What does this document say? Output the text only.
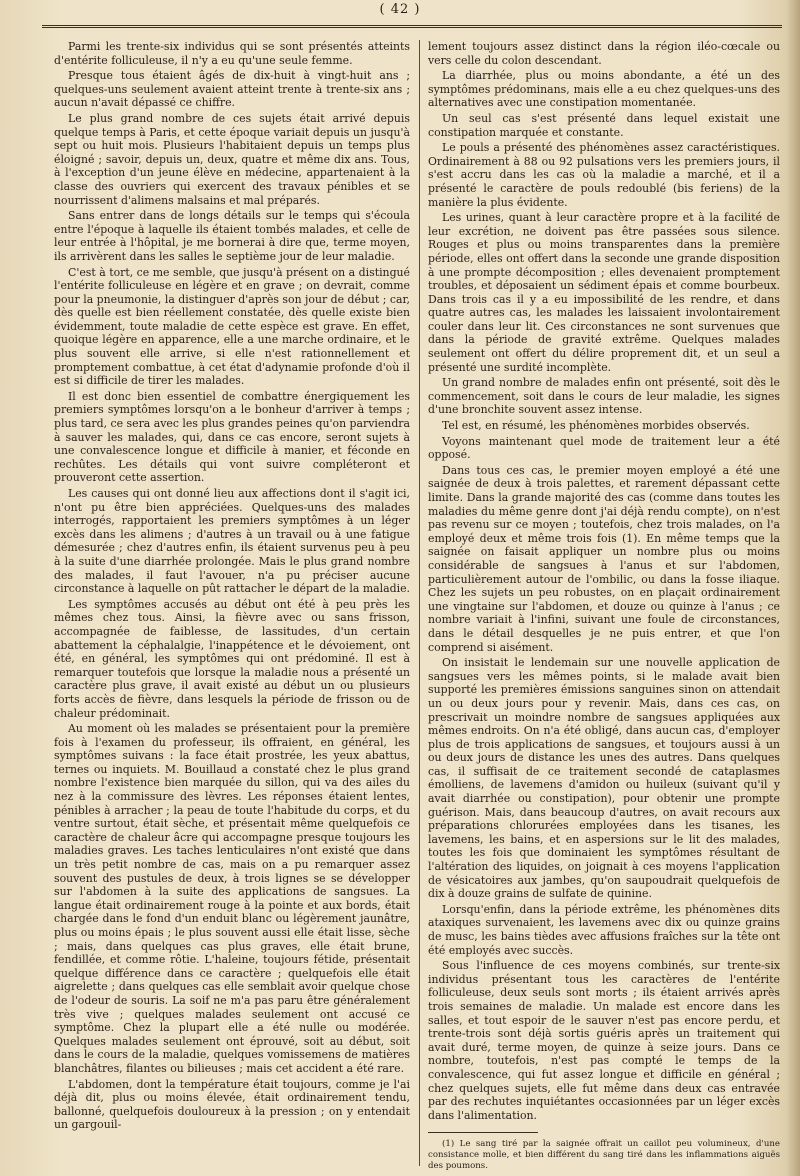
( 42 )

Parmi les trente-six individus qui se sont présentés atteints d'entérite folliculeuse, il n'y a eu qu'une seule femme.

Presque tous étaient âgés de dix-huit à vingt-huit ans ; quelques-uns seulement avaient atteint trente à trente-six ans ; aucun n'avait dépassé ce chiffre.

Le plus grand nombre de ces sujets était arrivé depuis quelque temps à Paris, et cette époque variait depuis un jusqu'à sept ou huit mois. Plusieurs l'habitaient depuis un temps plus éloigné ; savoir, depuis un, deux, quatre et même dix ans. Tous, à l'exception d'un jeune élève en médecine, appartenaient à la classe des ouvriers qui exercent des travaux pénibles et se nourrissent d'alimens malsains et mal préparés.

Sans entrer dans de longs détails sur le temps qui s'écoula entre l'époque à laquelle ils étaient tombés malades, et celle de leur entrée à l'hôpital, je me bornerai à dire que, terme moyen, ils arrivèrent dans les salles le septième jour de leur maladie.

C'est à tort, ce me semble, que jusqu'à présent on a distingué l'entérite folliculeuse en légère et en grave ; on devrait, comme pour la pneumonie, la distinguer d'après son jour de début ; car, dès quelle est bien réellement constatée, dès quelle existe bien évidemment, toute maladie de cette espèce est grave. En effet, quoique légère en apparence, elle a une marche ordinaire, et le plus souvent elle arrive, si elle n'est rationnellement et promptement combattue, à cet état d'adynamie profonde d'où il est si difficile de tirer les malades.

Il est donc bien essentiel de combattre énergiquement les premiers symptômes lorsqu'on a le bonheur d'arriver à temps ; plus tard, ce sera avec les plus grandes peines qu'on parviendra à sauver les malades, qui, dans ce cas encore, seront sujets à une convalescence longue et difficile à manier, et féconde en rechûtes. Les détails qui vont suivre compléteront et prouveront cette assertion.

Les causes qui ont donné lieu aux affections dont il s'agit ici, n'ont pu être bien appréciées. Quelques-uns des malades interrogés, rapportaient les premiers symptômes à un léger excès dans les alimens ; d'autres à un travail ou à une fatigue démesurée ; chez d'autres enfin, ils étaient survenus peu à peu à la suite d'une diarrhée prolongée. Mais le plus grand nombre des malades, il faut l'avouer, n'a pu préciser aucune circonstance à laquelle on pût rattacher le départ de la maladie.

Les symptômes accusés au début ont été à peu près les mêmes chez tous. Ainsi, la fièvre avec ou sans frisson, accompagnée de faiblesse, de lassitudes, d'un certain abattement la céphalalgie, l'inappétence et le dévoiement, ont été, en général, les symptômes qui ont prédominé. Il est à remarquer toutefois que lorsque la maladie nous a présenté un caractère plus grave, il avait existé au début un ou plusieurs forts accès de fièvre, dans lesquels la période de frisson ou de chaleur prédominait.

Au moment où les malades se présentaient pour la première fois à l'examen du professeur, ils offraient, en général, les symptômes suivans : la face était prostrée, les yeux abattus, ternes ou inquiets. M. Bouillaud a constaté chez le plus grand nombre l'existence bien marquée du sillon, qui va des ailes du nez à la commissure des lèvres. Les réponses étaient lentes, pénibles à arracher ; la peau de toute l'habitude du corps, et du ventre surtout, était sèche, et présentait même quelquefois ce caractère de chaleur âcre qui accompagne presque toujours les maladies graves. Les taches lenticulaires n'ont existé que dans un très petit nombre de cas, mais on a pu remarquer assez souvent des pustules de deux, à trois lignes se se développer sur l'abdomen à la suite des applications de sangsues. La langue était ordinairement rouge à la pointe et aux bords, était chargée dans le fond d'un enduit blanc ou légèrement jaunâtre, plus ou moins épais ; le plus souvent aussi elle était lisse, sèche ; mais, dans quelques cas plus graves, elle était brune, fendillée, et comme rôtie. L'haleine, toujours fétide, présentait quelque différence dans ce caractère ; quelquefois elle était aigrelette ; dans quelques cas elle semblait avoir quelque chose de l'odeur de souris. La soif ne m'a pas paru être généralement très vive ; quelques malades seulement ont accusé ce symptôme. Chez la plupart elle a été nulle ou modérée. Quelques malades seulement ont éprouvé, soit au début, soit dans le cours de la maladie, quelques vomissemens de matières blanchâtres, filantes ou bilieuses ; mais cet accident a été rare.

L'abdomen, dont la température était toujours, comme je l'ai déjà dit, plus ou moins élevée, était ordinairement tendu, ballonné, quelquefois douloureux à la pression ; on y entendait un gargouil-

lement toujours assez distinct dans la région iléo-cœcale ou vers celle du colon descendant.

La diarrhée, plus ou moins abondante, a été un des symptômes prédominans, mais elle a eu chez quelques-uns des alternatives avec une constipation momentanée.

Un seul cas s'est présenté dans lequel existait une constipation marquée et constante.

Le pouls a présenté des phénomènes assez caractéristiques. Ordinairement à 88 ou 92 pulsations vers les premiers jours, il s'est accru dans les cas où la maladie a marché, et il a présenté le caractère de pouls redoublé (bis feriens) de la manière la plus évidente.

Les urines, quant à leur caractère propre et à la facilité de leur excrétion, ne doivent pas être passées sous silence. Rouges et plus ou moins transparentes dans la première période, elles ont offert dans la seconde une grande disposition à une prompte décomposition ; elles devenaient promptement troubles, et déposaient un sédiment épais et comme bourbeux. Dans trois cas il y a eu impossibilité de les rendre, et dans quatre autres cas, les malades les laissaient involontairement couler dans leur lit. Ces circonstances ne sont survenues que dans la période de gravité extrême. Quelques malades seulement ont offert du délire proprement dit, et un seul a présenté une surdité incomplète.

Un grand nombre de malades enfin ont présenté, soit dès le commencement, soit dans le cours de leur maladie, les signes d'une bronchite souvent assez intense.

Tel est, en résumé, les phénomènes morbides observés.

Voyons maintenant quel mode de traitement leur a été opposé.

Dans tous ces cas, le premier moyen employé a été une saignée de deux à trois palettes, et rarement dépassant cette limite. Dans la grande majorité des cas (comme dans toutes les maladies du même genre dont j'ai déjà rendu compte), on n'est pas revenu sur ce moyen ; toutefois, chez trois malades, on l'a employé deux et même trois fois (1). En même temps que la saignée on faisait appliquer un nombre plus ou moins considérable de sangsues à l'anus et sur l'abdomen, particulièrement autour de l'ombilic, ou dans la fosse iliaque. Chez les sujets un peu robustes, on en plaçait ordinairement une vingtaine sur l'abdomen, et douze ou quinze à l'anus ; ce nombre variait à l'infini, suivant une foule de circonstances, dans le détail desquelles je ne puis entrer, et que l'on comprend si aisément.

On insistait le lendemain sur une nouvelle application de sangsues vers les mêmes points, si le malade avait bien supporté les premières émissions sanguines sinon on attendait un ou deux jours pour y revenir. Mais, dans ces cas, on prescrivait un moindre nombre de sangsues appliquées aux mêmes endroits. On n'a été obligé, dans aucun cas, d'employer plus de trois applications de sangsues, et toujours aussi à un ou deux jours de distance les unes des autres. Dans quelques cas, il suffisait de ce traitement secondé de cataplasmes émolliens, de lavemens d'amidon ou huileux (suivant qu'il y avait diarrhée ou constipation), pour obtenir une prompte guérison. Mais, dans beaucoup d'autres, on avait recours aux préparations chlorurées employées dans les tisanes, les lavemens, les bains, et en aspersions sur le lit des malades, toutes les fois que dominaient les symptômes résultant de l'altération des liquides, on joignait à ces moyens l'application de vésicatoires aux jambes, qu'on saupoudrait quelquefois de dix à douze grains de sulfate de quinine.

Lorsqu'enfin, dans la période extrême, les phénomènes dits ataxiques survenaient, les lavemens avec dix ou quinze grains de musc, les bains tièdes avec affusions fraîches sur la tête ont été employés avec succès.

Sous l'influence de ces moyens combinés, sur trente-six individus présentant tous les caractères de l'entérite folliculeuse, deux seuls sont morts ; ils étaient arrivés après trois semaines de maladie. Un malade est encore dans les salles, et tout espoir de le sauver n'est pas encore perdu, et trente-trois sont déjà sortis guéris après un traitement qui avait duré, terme moyen, de quinze à seize jours. Dans ce nombre, toutefois, n'est pas compté le temps de la convalescence, qui fut assez longue et difficile en général ; chez quelques sujets, elle fut même dans deux cas entravée par des rechutes inquiétantes occasionnées par un léger excès dans l'alimentation.

(1) Le sang tiré par la saignée offrait un caillot peu volumineux, d'une consistance molle, et bien différent du sang tiré dans les inflammations aiguës des poumons.
